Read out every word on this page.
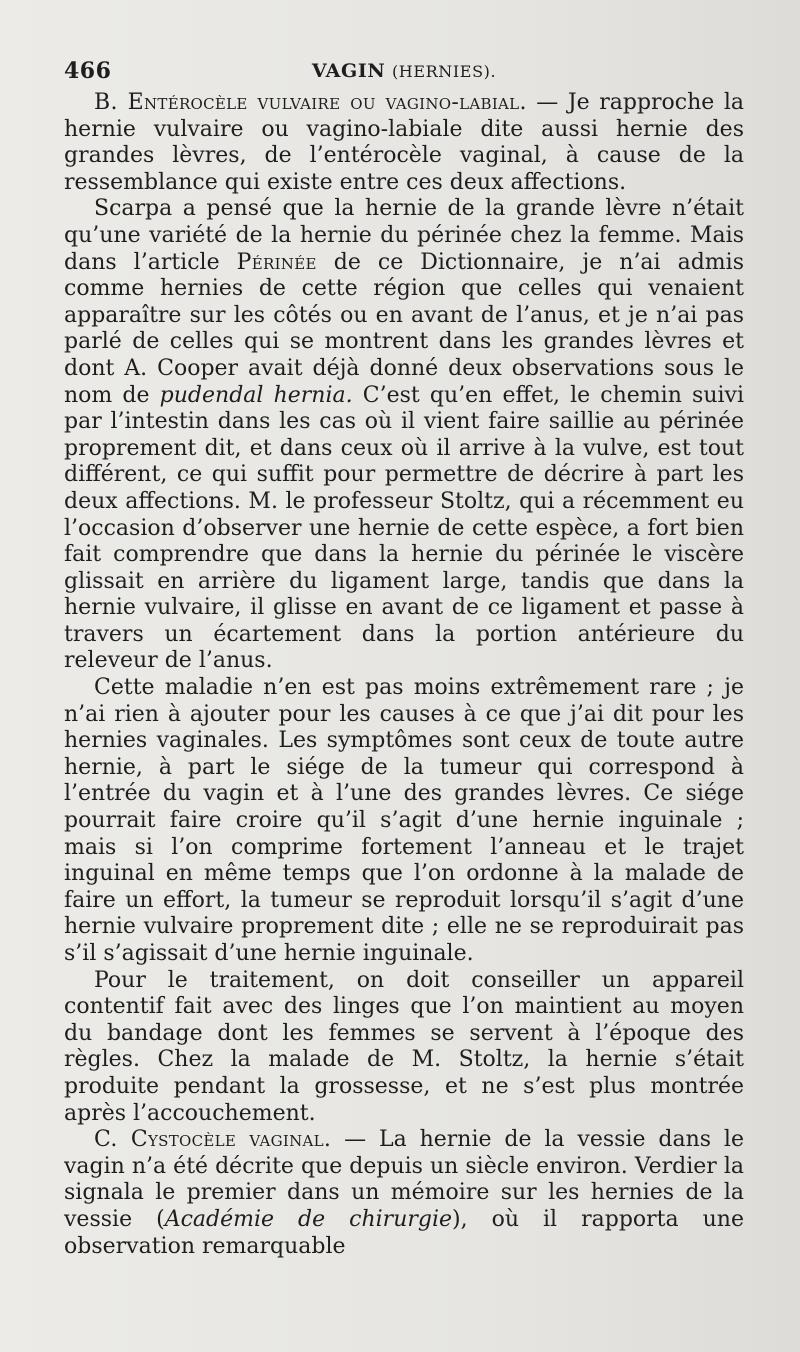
466	VAGIN (HERNIES).

B. Entérocèle vulvaire ou vagino-labial. — Je rapproche la hernie vulvaire ou vagino-labiale dite aussi hernie des grandes lèvres, de l’entérocèle vaginal, à cause de la ressemblance qui existe entre ces deux affections.

Scarpa a pensé que la hernie de la grande lèvre n’était qu’une variété de la hernie du périnée chez la femme. Mais dans l’article Périnée de ce Dictionnaire, je n’ai admis comme hernies de cette région que celles qui venaient apparaître sur les côtés ou en avant de l’anus, et je n’ai pas parlé de celles qui se montrent dans les grandes lèvres et dont A. Cooper avait déjà donné deux observations sous le nom de pudendal hernia. C’est qu’en effet, le chemin suivi par l’intestin dans les cas où il vient faire saillie au périnée proprement dit, et dans ceux où il arrive à la vulve, est tout différent, ce qui suffit pour permettre de décrire à part les deux affections. M. le professeur Stoltz, qui a récemment eu l’occasion d’observer une hernie de cette espèce, a fort bien fait comprendre que dans la hernie du périnée le viscère glissait en arrière du ligament large, tandis que dans la hernie vulvaire, il glisse en avant de ce ligament et passe à travers un écartement dans la portion antérieure du releveur de l’anus.

Cette maladie n’en est pas moins extrêmement rare ; je n’ai rien à ajouter pour les causes à ce que j’ai dit pour les hernies vaginales. Les symptômes sont ceux de toute autre hernie, à part le siége de la tumeur qui correspond à l’entrée du vagin et à l’une des grandes lèvres. Ce siége pourrait faire croire qu’il s’agit d’une hernie inguinale ; mais si l’on comprime fortement l’anneau et le trajet inguinal en même temps que l’on ordonne à la malade de faire un effort, la tumeur se reproduit lorsqu’il s’agit d’une hernie vulvaire proprement dite ; elle ne se reproduirait pas s’il s’agissait d’une hernie inguinale.

Pour le traitement, on doit conseiller un appareil contentif fait avec des linges que l’on maintient au moyen du bandage dont les femmes se servent à l’époque des règles. Chez la malade de M. Stoltz, la hernie s’était produite pendant la grossesse, et ne s’est plus montrée après l’accouchement.

C. Cystocèle vaginal. — La hernie de la vessie dans le vagin n’a été décrite que depuis un siècle environ. Verdier la signala le premier dans un mémoire sur les hernies de la vessie (Académie de chirurgie), où il rapporta une observation remarquable
